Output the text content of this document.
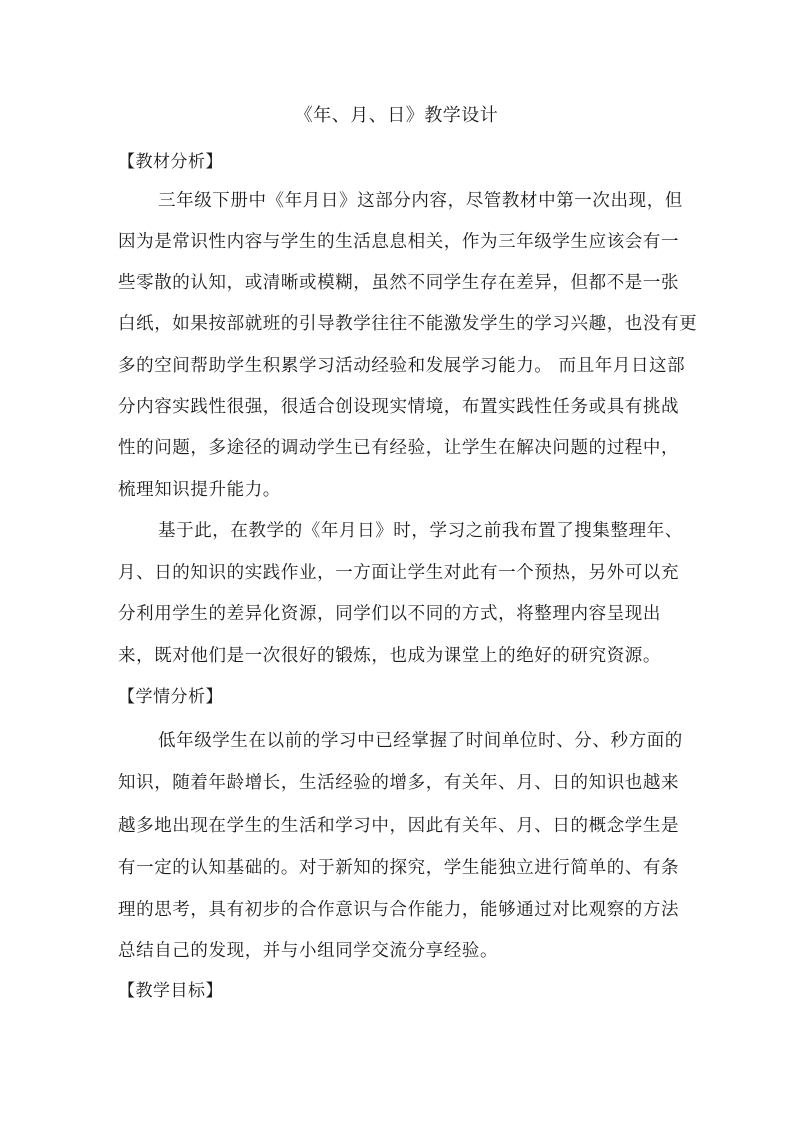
《年、月、日》教学设计
【教材分析】
三年级下册中《年月日》这部分内容，尽管教材中第一次出现，但
因为是常识性内容与学生的生活息息相关，作为三年级学生应该会有一
些零散的认知，或清晰或模糊，虽然不同学生存在差异，但都不是一张
白纸，如果按部就班的引导教学往往不能激发学生的学习兴趣，也没有更
多的空间帮助学生积累学习活动经验和发展学习能力。 而且年月日这部
分内容实践性很强，很适合创设现实情境，布置实践性任务或具有挑战
性的问题，多途径的调动学生已有经验，让学生在解决问题的过程中，
梳理知识提升能力。
基于此，在教学的《年月日》时，学习之前我布置了搜集整理年、
月、日的知识的实践作业，一方面让学生对此有一个预热，另外可以充
分利用学生的差异化资源，同学们以不同的方式，将整理内容呈现出
来，既对他们是一次很好的锻炼，也成为课堂上的绝好的研究资源。
【学情分析】
低年级学生在以前的学习中已经掌握了时间单位时、分、秒方面的
知识，随着年龄增长，生活经验的增多，有关年、月、日的知识也越来
越多地出现在学生的生活和学习中，因此有关年、月、日的概念学生是
有一定的认知基础的。对于新知的探究，学生能独立进行简单的、有条
理的思考，具有初步的合作意识与合作能力，能够通过对比观察的方法
总结自己的发现，并与小组同学交流分享经验。
【教学目标】
